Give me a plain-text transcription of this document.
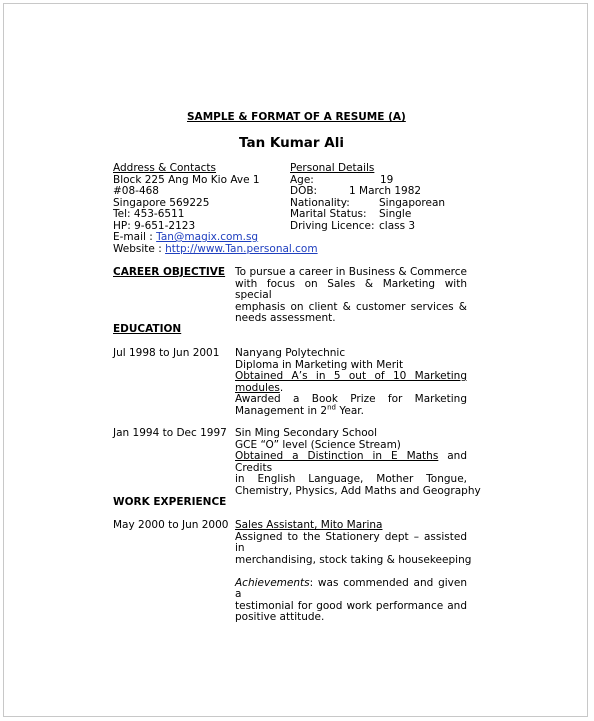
SAMPLE & FORMAT OF A RESUME (A)
Tan Kumar Ali
Address & Contacts
Block 225 Ang Mo Kio Ave 1
#08-468
Singapore 569225
Tel: 453-6511
HP: 9-651-2123
E-mail : Tan@magix.com.sg
Website : http://www.Tan.personal.com
Personal Details
Age:	19
DOB:	1 March 1982
Nationality:	Singaporean
Marital Status: Single
Driving Licence: class 3
CAREER OBJECTIVE To pursue a career in Business & Commerce
with focus on Sales & Marketing with special
emphasis on client & customer services &
needs assessment.
EDUCATION
Jul 1998 to Jun 2001 Nanyang Polytechnic
Diploma in Marketing with Merit
Obtained A’s in 5 out of 10 Marketing
modules.
Awarded a Book Prize for Marketing
Management in 2nd Year.
Jan 1994 to Dec 1997 Sin Ming Secondary School
GCE “O” level (Science Stream)
Obtained a Distinction in E Maths and Credits
in English Language, Mother Tongue,
Chemistry, Physics, Add Maths and Geography
WORK EXPERIENCE
May 2000 to Jun 2000 Sales Assistant, Mito Marina
Assigned to the Stationery dept – assisted in
merchandising, stock taking & housekeeping
Achievements: was commended and given a
testimonial for good work performance and
positive attitude.
